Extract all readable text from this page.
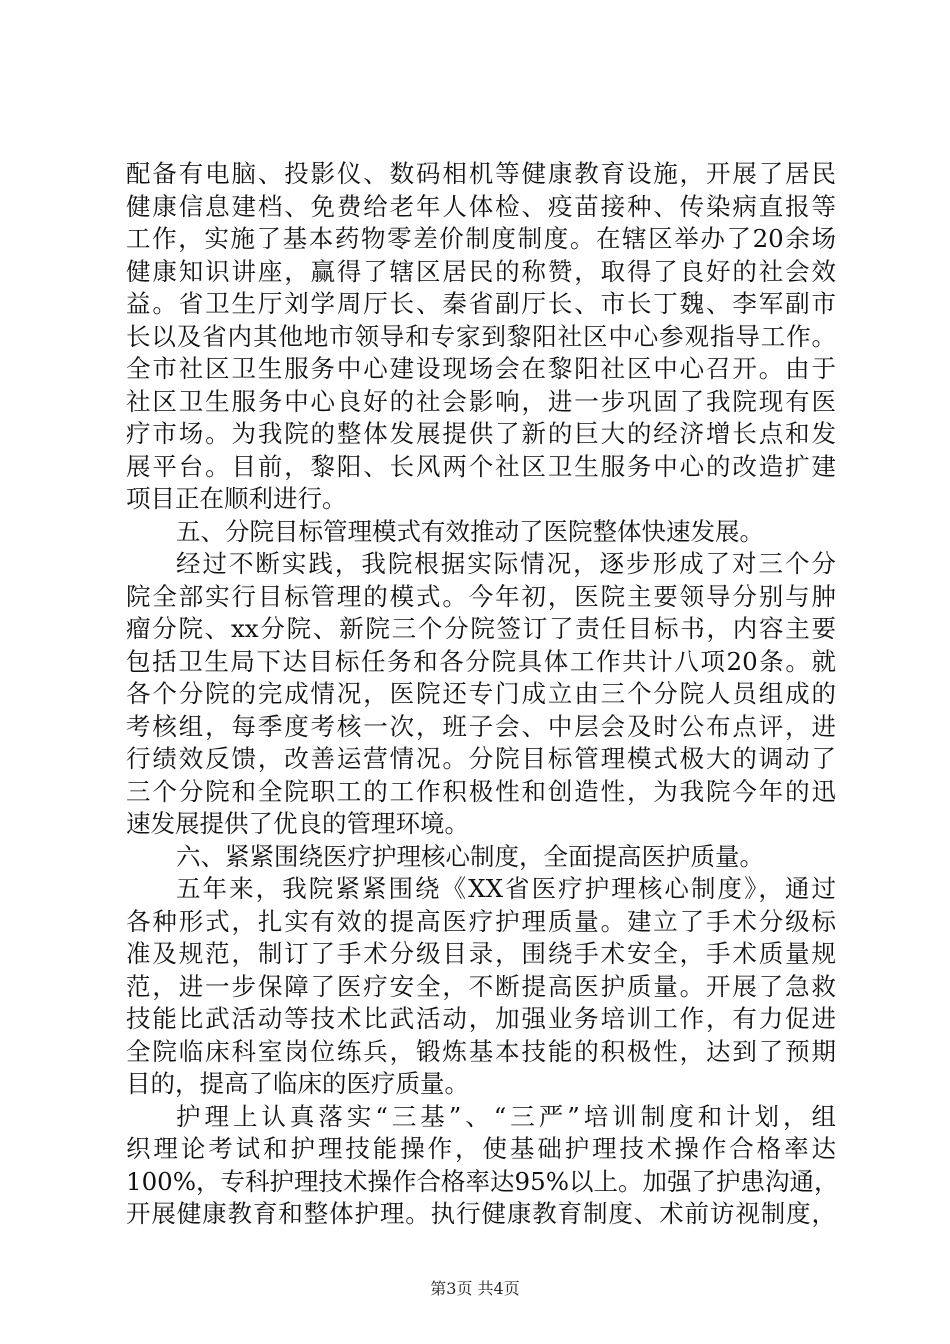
配备有电脑、投影仪、数码相机等健康教育设施，开展了居民
健康信息建档、免费给老年人体检、疫苗接种、传染病直报等
工作，实施了基本药物零差价制度制度。在辖区举办了20余场
健康知识讲座，赢得了辖区居民的称赞，取得了良好的社会效
益。省卫生厅刘学周厅长、秦省副厅长、市长丁魏、李军副市
长以及省内其他地市领导和专家到黎阳社区中心参观指导工作。
全市社区卫生服务中心建设现场会在黎阳社区中心召开。由于
社区卫生服务中心良好的社会影响，进一步巩固了我院现有医
疗市场。为我院的整体发展提供了新的巨大的经济增长点和发
展平台。目前，黎阳、长风两个社区卫生服务中心的改造扩建
项目正在顺利进行。
五、分院目标管理模式有效推动了医院整体快速发展。
经过不断实践，我院根据实际情况，逐步形成了对三个分
院全部实行目标管理的模式。今年初，医院主要领导分别与肿
瘤分院、xx分院、新院三个分院签订了责任目标书，内容主要
包括卫生局下达目标任务和各分院具体工作共计八项20条。就
各个分院的完成情况，医院还专门成立由三个分院人员组成的
考核组，每季度考核一次，班子会、中层会及时公布点评，进
行绩效反馈，改善运营情况。分院目标管理模式极大的调动了
三个分院和全院职工的工作积极性和创造性，为我院今年的迅
速发展提供了优良的管理环境。
六、紧紧围绕医疗护理核心制度，全面提高医护质量。
五年来，我院紧紧围绕《XX省医疗护理核心制度》，通过
各种形式，扎实有效的提高医疗护理质量。建立了手术分级标
准及规范，制订了手术分级目录，围绕手术安全，手术质量规
范，进一步保障了医疗安全，不断提高医护质量。开展了急救
技能比武活动等技术比武活动，加强业务培训工作，有力促进
全院临床科室岗位练兵，锻炼基本技能的积极性，达到了预期
目的，提高了临床的医疗质量。
护理上认真落实“三基”、“三严”培训制度和计划，组
织理论考试和护理技能操作，使基础护理技术操作合格率达
100%，专科护理技术操作合格率达95%以上。加强了护患沟通，
开展健康教育和整体护理。执行健康教育制度、术前访视制度，
第3页 共4页
